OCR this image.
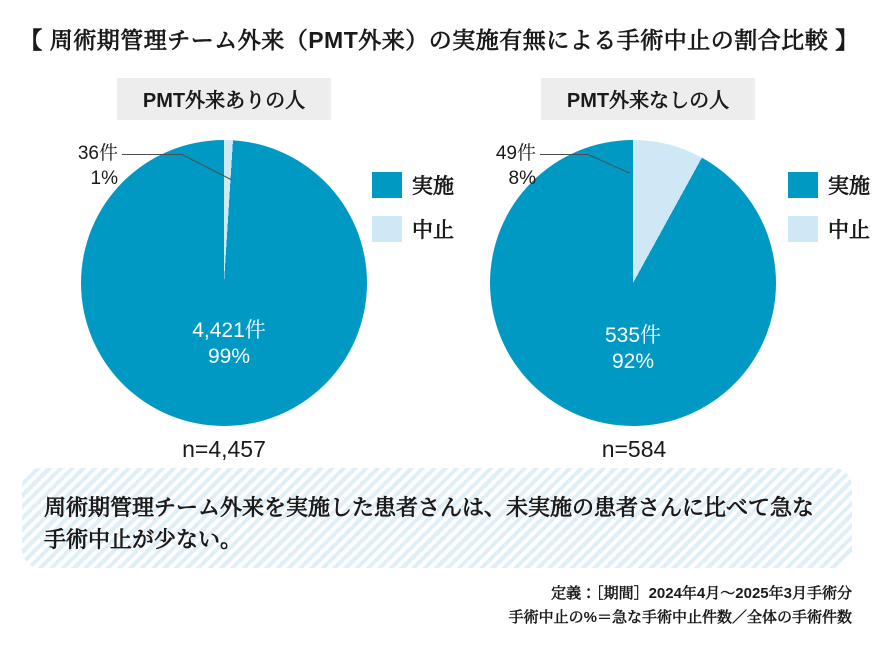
【 周術期管理チーム外来（PMT外来）の実施有無による手術中止の割合比較 】
PMT外来ありの人
4,421件
99%
36件
1%	実施
中止
n=4,457
PMT外来なしの人
535件
92%
49件
8%	実施
中止
n=584
周術期管理チーム外来を実施した患者さんは、未実施の患者さんに比べて急な手術中止が少ない。
定義：［期間］2024年4月〜2025年3月手術分
手術中止の%＝急な手術中止件数／全体の手術件数
